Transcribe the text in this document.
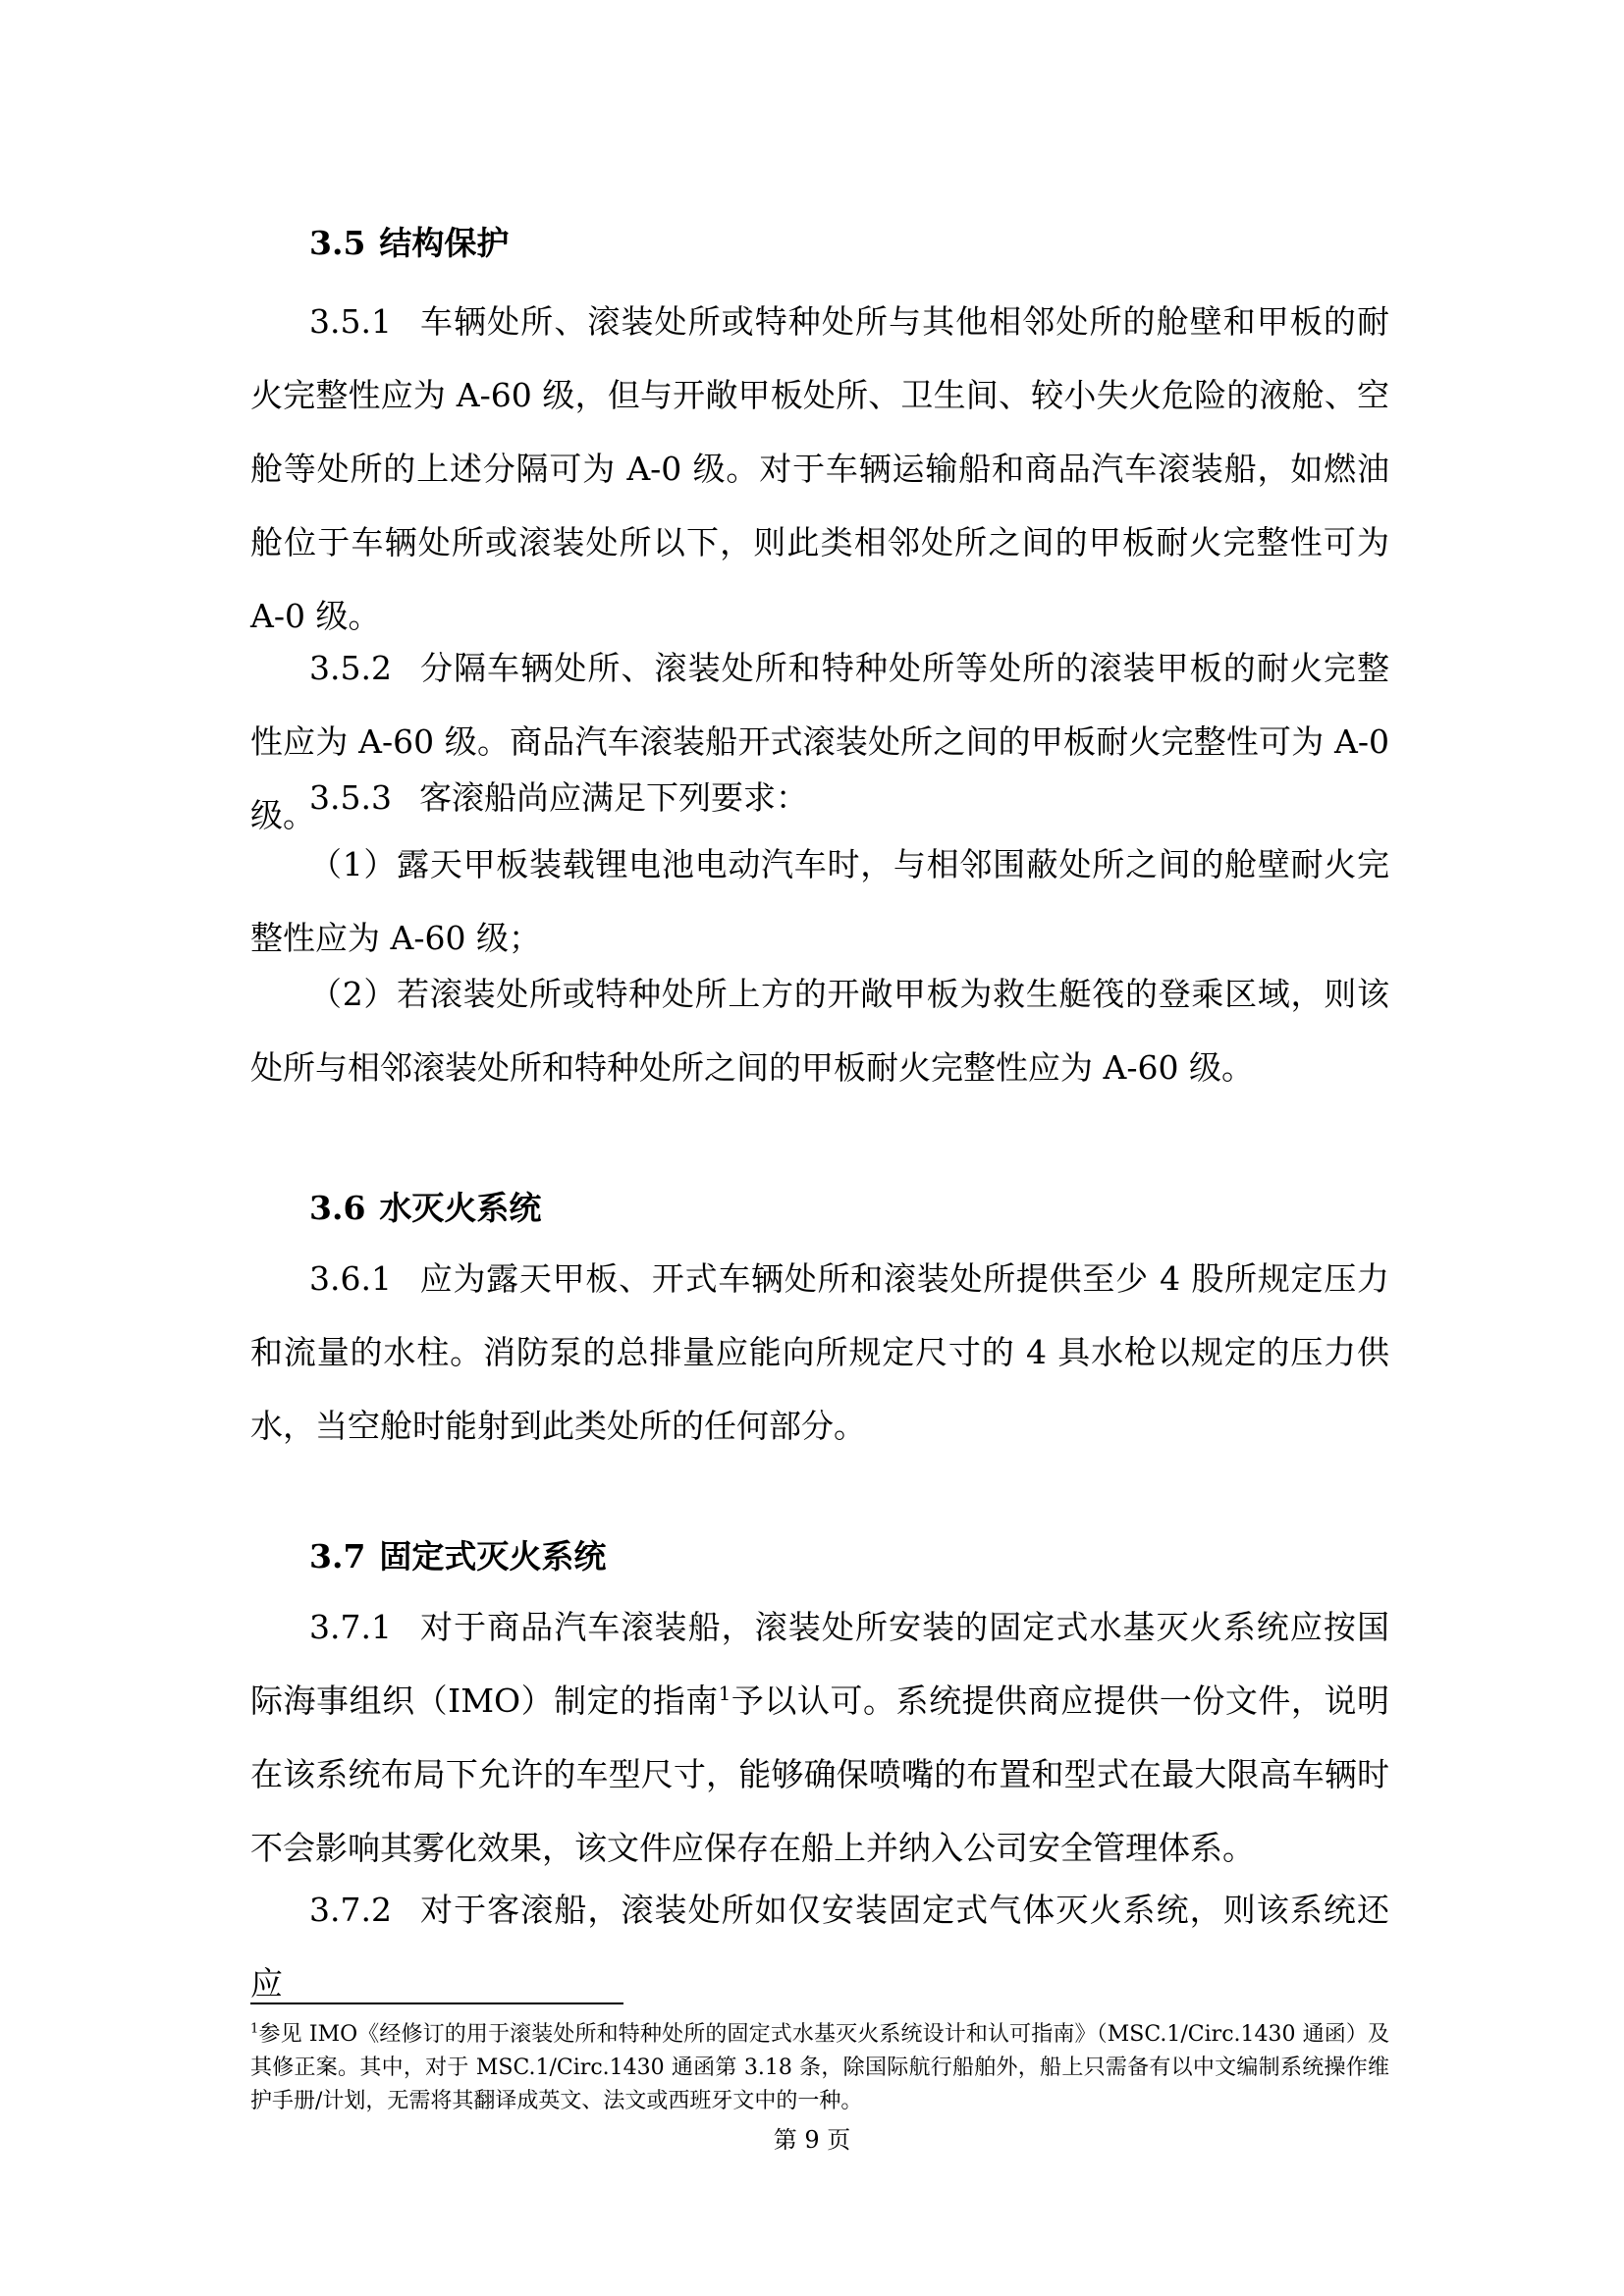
3.5 结构保护

3.5.1 车辆处所、滚装处所或特种处所与其他相邻处所的舱壁和甲板的耐火完整性应为 A-60 级，但与开敞甲板处所、卫生间、较小失火危险的液舱、空舱等处所的上述分隔可为 A-0 级。对于车辆运输船和商品汽车滚装船，如燃油舱位于车辆处所或滚装处所以下，则此类相邻处所之间的甲板耐火完整性可为 A-0 级。

3.5.2 分隔车辆处所、滚装处所和特种处所等处所的滚装甲板的耐火完整性应为 A-60 级。商品汽车滚装船开式滚装处所之间的甲板耐火完整性可为 A-0 级。

3.5.3 客滚船尚应满足下列要求：

（1）露天甲板装载锂电池电动汽车时，与相邻围蔽处所之间的舱壁耐火完整性应为 A-60 级；

（2）若滚装处所或特种处所上方的开敞甲板为救生艇筏的登乘区域，则该处所与相邻滚装处所和特种处所之间的甲板耐火完整性应为 A-60 级。

3.6 水灭火系统

3.6.1 应为露天甲板、开式车辆处所和滚装处所提供至少 4 股所规定压力和流量的水柱。消防泵的总排量应能向所规定尺寸的 4 具水枪以规定的压力供水，当空舱时能射到此类处所的任何部分。

3.7 固定式灭火系统

3.7.1 对于商品汽车滚装船，滚装处所安装的固定式水基灭火系统应按国际海事组织（IMO）制定的指南$^1$予以认可。系统提供商应提供一份文件，说明在该系统布局下允许的车型尺寸，能够确保喷嘴的布置和型式在最大限高车辆时不会影响其雾化效果，该文件应保存在船上并纳入公司安全管理体系。

3.7.2 对于客滚船，滚装处所如仅安装固定式气体灭火系统，则该系统还应

$^1$参见 IMO《经修订的用于滚装处所和特种处所的固定式水基灭火系统设计和认可指南》（MSC.1/Circ.1430 通函）及其修正案。其中，对于 MSC.1/Circ.1430 通函第 3.18 条，除国际航行船舶外，船上只需备有以中文编制系统操作维护手册/计划，无需将其翻译成英文、法文或西班牙文中的一种。

第 9 页
